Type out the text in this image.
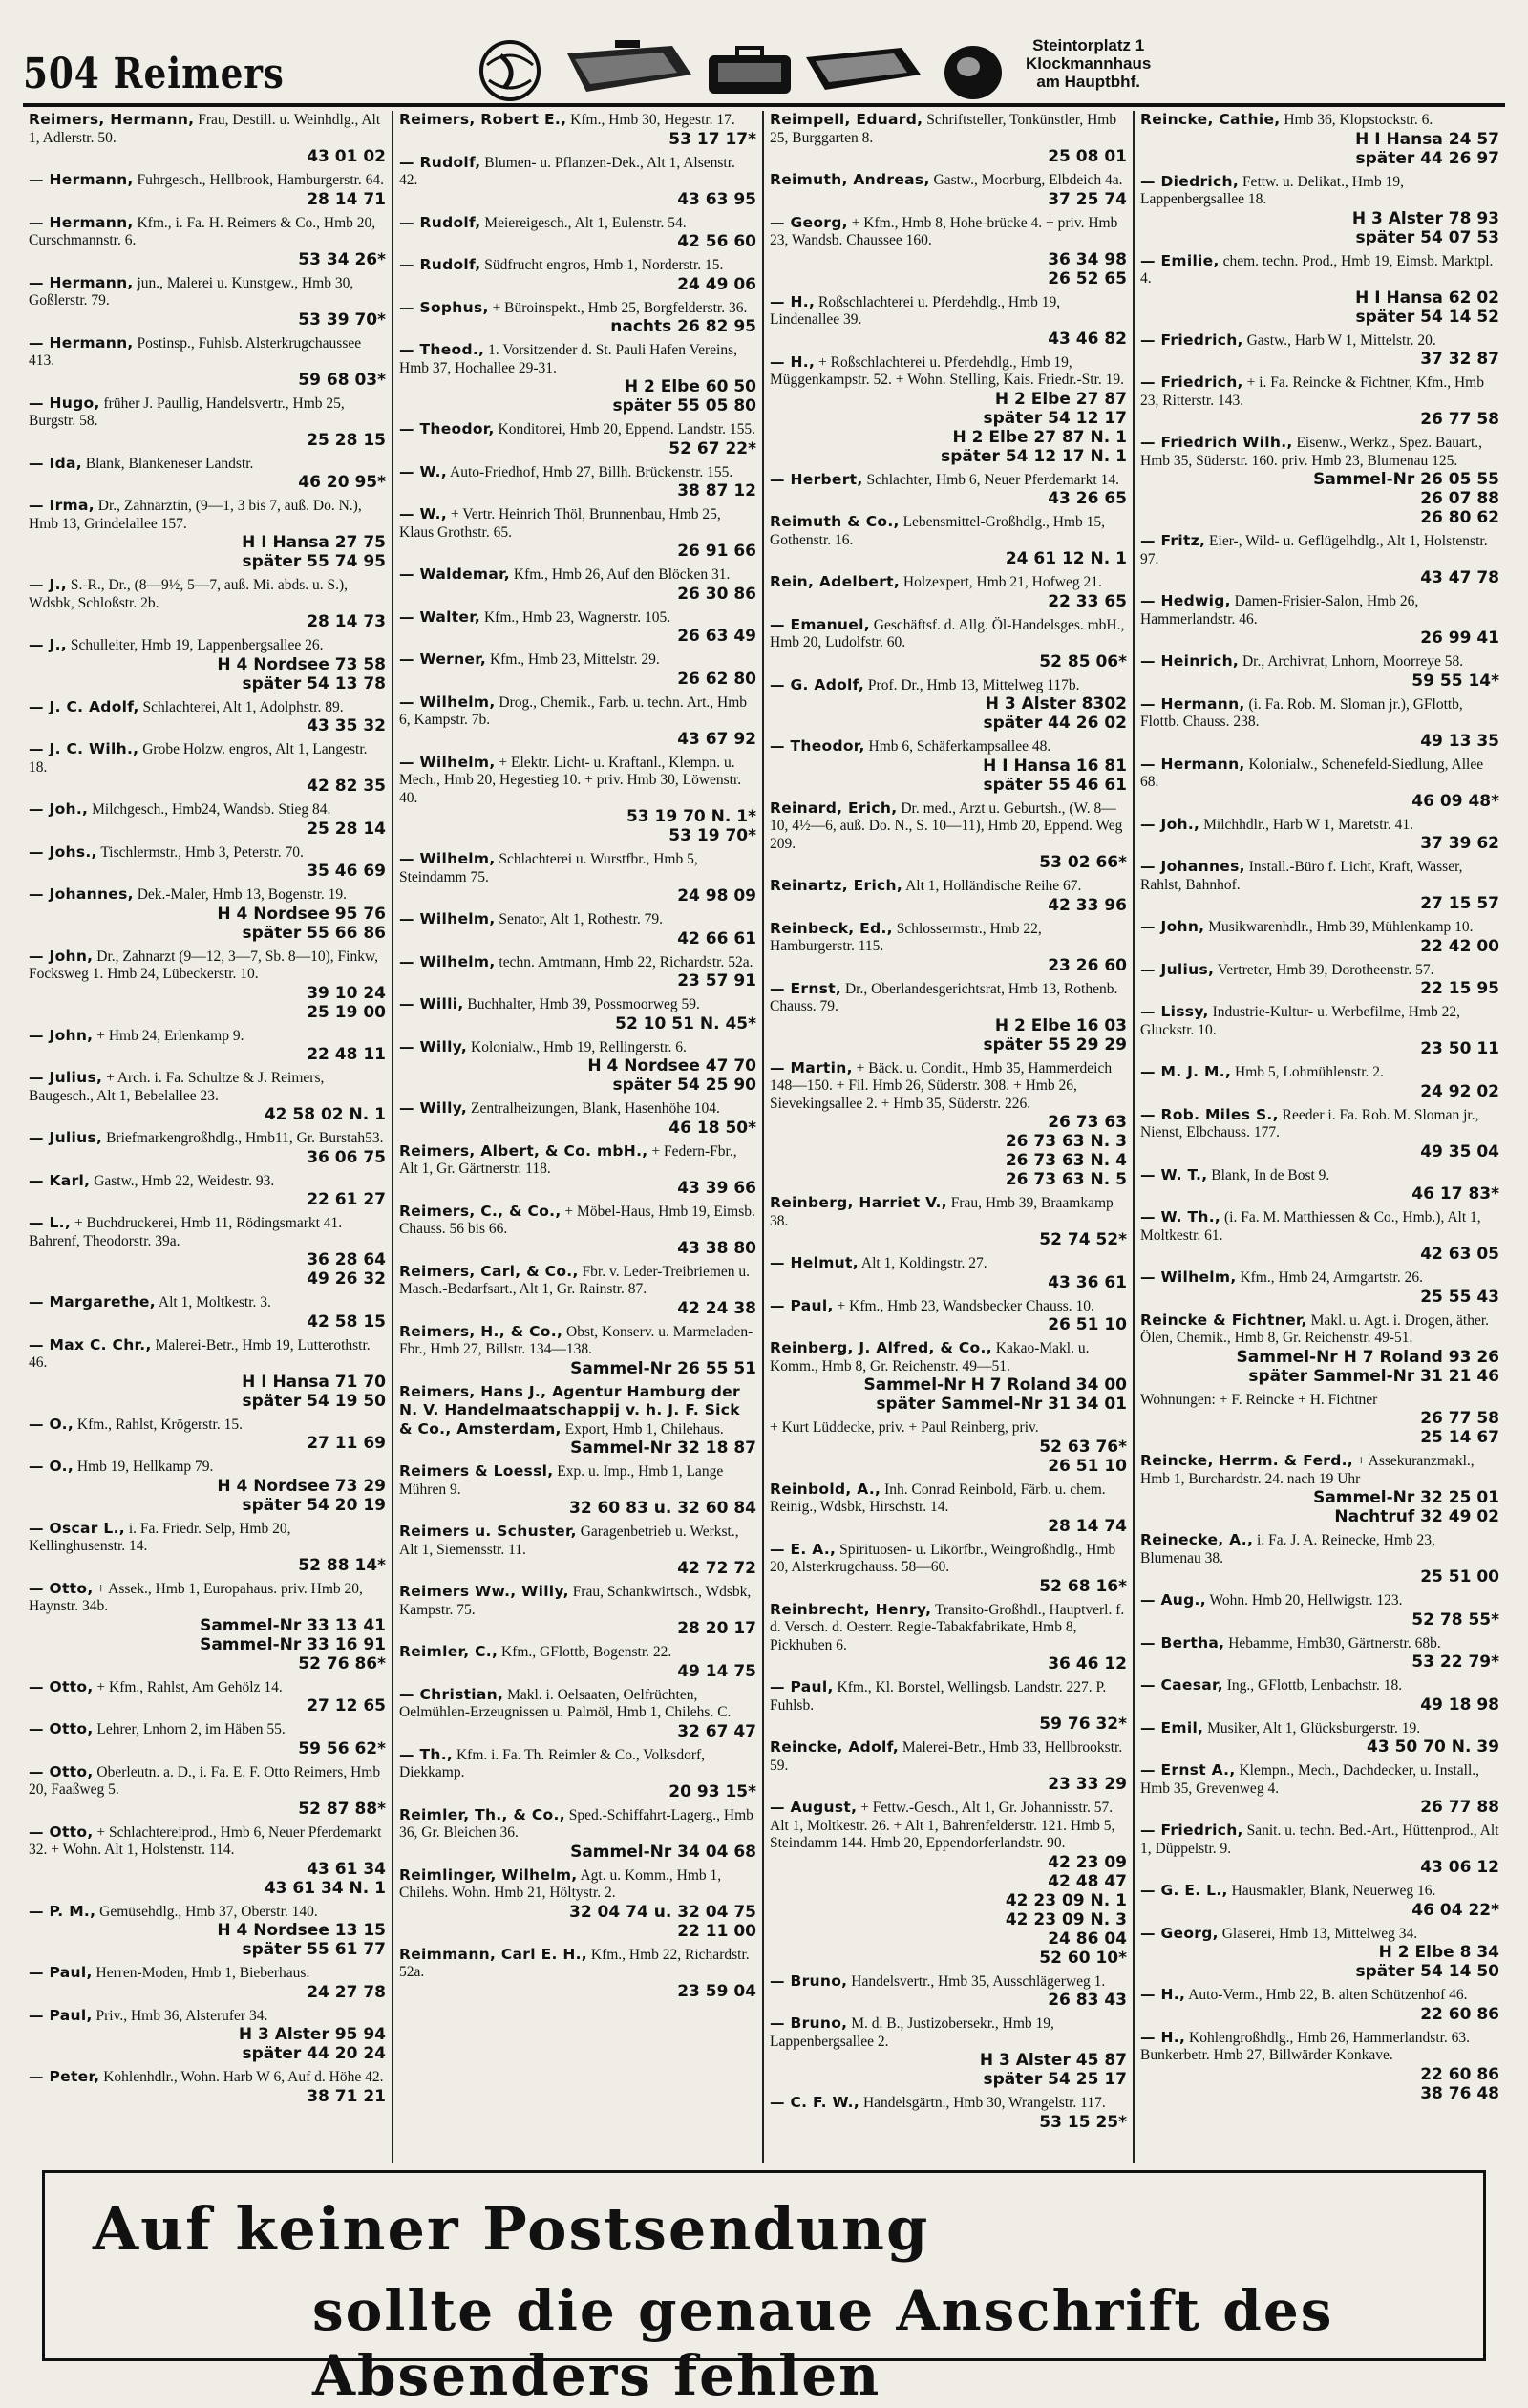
504 Reimers
Steintorplatz 1
Klockmannhaus
am Hauptbhf.
Reimers, Hermann, Frau, Destill. u. Weinhdlg., Alt 1, Adlerstr. 50.
43 01 02
— Hermann, Fuhrgesch., Hellbrook, Hamburgerstr. 64.
28 14 71
— Hermann, Kfm., i. Fa. H. Reimers & Co., Hmb 20, Curschmannstr. 6.
53 34 26*
— Hermann, jun., Malerei u. Kunstgew., Hmb 30, Goßlerstr. 79.
53 39 70*
— Hermann, Postinsp., Fuhlsb. Alsterkrugchaussee 413.
59 68 03*
— Hugo, früher J. Paullig, Handelsvertr., Hmb 25, Burgstr. 58.
25 28 15
— Ida, Blank, Blankeneser Landstr.
46 20 95*
— Irma, Dr., Zahnärztin, (9—1, 3 bis 7, auß. Do. N.), Hmb 13, Grindelallee 157.
H I Hansa 27 75
später 55 74 95
— J., S.-R., Dr., (8—9½, 5—7, auß. Mi. abds. u. S.), Wdsbk, Schloßstr. 2b.
28 14 73
— J., Schulleiter, Hmb 19, Lappenbergsallee 26.
H 4 Nordsee 73 58
später 54 13 78
— J. C. Adolf, Schlachterei, Alt 1, Adolphstr. 89.
43 35 32
— J. C. Wilh., Grobe Holzw. engros, Alt 1, Langestr. 18.
42 82 35
— Joh., Milchgesch., Hmb24, Wandsb. Stieg 84.
25 28 14
— Johs., Tischlermstr., Hmb 3, Peterstr. 70.
35 46 69
— Johannes, Dek.-Maler, Hmb 13, Bogenstr. 19.
H 4 Nordsee 95 76
später 55 66 86
— John, Dr., Zahnarzt (9—12, 3—7, Sb. 8—10), Finkw, Focksweg 1. Hmb 24, Lübeckerstr. 10.
39 10 24
25 19 00
— John, + Hmb 24, Erlenkamp 9.
22 48 11
— Julius, + Arch. i. Fa. Schultze & J. Reimers, Baugesch., Alt 1, Bebelallee 23.
42 58 02 N. 1
— Julius, Briefmarkengroßhdlg., Hmb11, Gr. Burstah53.
36 06 75
— Karl, Gastw., Hmb 22, Weidestr. 93.
22 61 27
— L., + Buchdruckerei, Hmb 11, Rödingsmarkt 41. Bahrenf, Theodorstr. 39a.
36 28 64
49 26 32
— Margarethe, Alt 1, Moltkestr. 3.
42 58 15
— Max C. Chr., Malerei-Betr., Hmb 19, Lutterothstr. 46.
H I Hansa 71 70
später 54 19 50
— O., Kfm., Rahlst, Krögerstr. 15.
27 11 69
— O., Hmb 19, Hellkamp 79.
H 4 Nordsee 73 29
später 54 20 19
— Oscar L., i. Fa. Friedr. Selp, Hmb 20, Kellinghusenstr. 14.
52 88 14*
— Otto, + Assek., Hmb 1, Europahaus. priv. Hmb 20, Haynstr. 34b.
Sammel-Nr 33 13 41
Sammel-Nr 33 16 91
52 76 86*
— Otto, + Kfm., Rahlst, Am Gehölz 14.
27 12 65
— Otto, Lehrer, Lnhorn 2, im Häben 55.
59 56 62*
— Otto, Oberleutn. a. D., i. Fa. E. F. Otto Reimers, Hmb 20, Faaßweg 5.
52 87 88*
— Otto, + Schlachtereiprod., Hmb 6, Neuer Pferdemarkt 32. + Wohn. Alt 1, Holstenstr. 114.
43 61 34
43 61 34 N. 1
— P. M., Gemüsehdlg., Hmb 37, Oberstr. 140.
H 4 Nordsee 13 15
später 55 61 77
— Paul, Herren-Moden, Hmb 1, Bieberhaus.
24 27 78
— Paul, Priv., Hmb 36, Alsterufer 34.
H 3 Alster 95 94
später 44 20 24
— Peter, Kohlenhdlr., Wohn. Harb W 6, Auf d. Höhe 42.
38 71 21
Reimers, Robert E., Kfm., Hmb 30, Hegestr. 17.
53 17 17*
— Rudolf, Blumen- u. Pflanzen-Dek., Alt 1, Alsenstr. 42.
43 63 95
— Rudolf, Meiereigesch., Alt 1, Eulenstr. 54.
42 56 60
— Rudolf, Südfrucht engros, Hmb 1, Norderstr. 15.
24 49 06
— Sophus, + Büroinspekt., Hmb 25, Borgfelderstr. 36.
nachts 26 82 95
— Theod., 1. Vorsitzender d. St. Pauli Hafen Vereins, Hmb 37, Hochallee 29-31.
H 2 Elbe 60 50
später 55 05 80
— Theodor, Konditorei, Hmb 20, Eppend. Landstr. 155.
52 67 22*
— W., Auto-Friedhof, Hmb 27, Billh. Brückenstr. 155.
38 87 12
— W., + Vertr. Heinrich Thöl, Brunnenbau, Hmb 25, Klaus Grothstr. 65.
26 91 66
— Waldemar, Kfm., Hmb 26, Auf den Blöcken 31.
26 30 86
— Walter, Kfm., Hmb 23, Wagnerstr. 105.
26 63 49
— Werner, Kfm., Hmb 23, Mittelstr. 29.
26 62 80
— Wilhelm, Drog., Chemik., Farb. u. techn. Art., Hmb 6, Kampstr. 7b.
43 67 92
— Wilhelm, + Elektr. Licht- u. Kraftanl., Klempn. u. Mech., Hmb 20, Hegestieg 10. + priv. Hmb 30, Löwenstr. 40.
53 19 70 N. 1*
53 19 70*
— Wilhelm, Schlachterei u. Wurstfbr., Hmb 5, Steindamm 75.
24 98 09
— Wilhelm, Senator, Alt 1, Rothestr. 79.
42 66 61
— Wilhelm, techn. Amtmann, Hmb 22, Richardstr. 52a.
23 57 91
— Willi, Buchhalter, Hmb 39, Possmoorweg 59.
52 10 51 N. 45*
— Willy, Kolonialw., Hmb 19, Rellingerstr. 6.
H 4 Nordsee 47 70
später 54 25 90
— Willy, Zentralheizungen, Blank, Hasenhöhe 104.
46 18 50*
Reimers, Albert, & Co. mbH., + Federn-Fbr., Alt 1, Gr. Gärtnerstr. 118.
43 39 66
Reimers, C., & Co., + Möbel-Haus, Hmb 19, Eimsb. Chauss. 56 bis 66.
43 38 80
Reimers, Carl, & Co., Fbr. v. Leder-Treibriemen u. Masch.-Bedarfsart., Alt 1, Gr. Rainstr. 87.
42 24 38
Reimers, H., & Co., Obst, Konserv. u. Marmeladen-Fbr., Hmb 27, Billstr. 134—138.
Sammel-Nr 26 55 51
Reimers, Hans J., Agentur Hamburg der N. V. Handelmaatschappij v. h. J. F. Sick & Co., Amsterdam, Export, Hmb 1, Chilehaus.
Sammel-Nr 32 18 87
Reimers & Loessl, Exp. u. Imp., Hmb 1, Lange Mühren 9.
32 60 83 u. 32 60 84
Reimers u. Schuster, Garagenbetrieb u. Werkst., Alt 1, Siemensstr. 11.
42 72 72
Reimers Ww., Willy, Frau, Schankwirtsch., Wdsbk, Kampstr. 75.
28 20 17
Reimler, C., Kfm., GFlottb, Bogenstr. 22.
49 14 75
— Christian, Makl. i. Oelsaaten, Oelfrüchten, Oelmühlen-Erzeugnissen u. Palmöl, Hmb 1, Chilehs. C.
32 67 47
— Th., Kfm. i. Fa. Th. Reimler & Co., Volksdorf, Diekkamp.
20 93 15*
Reimler, Th., & Co., Sped.-Schiffahrt-Lagerg., Hmb 36, Gr. Bleichen 36.
Sammel-Nr 34 04 68
Reimlinger, Wilhelm, Agt. u. Komm., Hmb 1, Chilehs. Wohn. Hmb 21, Höltystr. 2.
32 04 74 u. 32 04 75
22 11 00
Reimmann, Carl E. H., Kfm., Hmb 22, Richardstr. 52a.
23 59 04
Reimpell, Eduard, Schriftsteller, Tonkünstler, Hmb 25, Burggarten 8.
25 08 01
Reimuth, Andreas, Gastw., Moorburg, Elbdeich 4a.
37 25 74
— Georg, + Kfm., Hmb 8, Hohe-brücke 4. + priv. Hmb 23, Wandsb. Chaussee 160.
36 34 98
26 52 65
— H., Roßschlachterei u. Pferdehdlg., Hmb 19, Lindenallee 39.
43 46 82
— H., + Roßschlachterei u. Pferdehdlg., Hmb 19, Müggenkampstr. 52. + Wohn. Stelling, Kais. Friedr.-Str. 19.
H 2 Elbe 27 87
später 54 12 17
H 2 Elbe 27 87 N. 1
später 54 12 17 N. 1
— Herbert, Schlachter, Hmb 6, Neuer Pferdemarkt 14.
43 26 65
Reimuth & Co., Lebensmittel-Großhdlg., Hmb 15, Gothenstr. 16.
24 61 12 N. 1
Rein, Adelbert, Holzexpert, Hmb 21, Hofweg 21.
22 33 65
— Emanuel, Geschäftsf. d. Allg. Öl-Handelsges. mbH., Hmb 20, Ludolfstr. 60.
52 85 06*
— G. Adolf, Prof. Dr., Hmb 13, Mittelweg 117b.
H 3 Alster 8302
später 44 26 02
— Theodor, Hmb 6, Schäferkampsallee 48.
H I Hansa 16 81
später 55 46 61
Reinard, Erich, Dr. med., Arzt u. Geburtsh., (W. 8—10, 4½—6, auß. Do. N., S. 10—11), Hmb 20, Eppend. Weg 209.
53 02 66*
Reinartz, Erich, Alt 1, Holländische Reihe 67.
42 33 96
Reinbeck, Ed., Schlossermstr., Hmb 22, Hamburgerstr. 115.
23 26 60
— Ernst, Dr., Oberlandesgerichtsrat, Hmb 13, Rothenb. Chauss. 79.
H 2 Elbe 16 03
später 55 29 29
— Martin, + Bäck. u. Condit., Hmb 35, Hammerdeich 148—150. + Fil. Hmb 26, Süderstr. 308. + Hmb 26, Sievekingsallee 2. + Hmb 35, Süderstr. 226.
26 73 63
26 73 63 N. 3
26 73 63 N. 4
26 73 63 N. 5
Reinberg, Harriet V., Frau, Hmb 39, Braamkamp 38.
52 74 52*
— Helmut, Alt 1, Koldingstr. 27.
43 36 61
— Paul, + Kfm., Hmb 23, Wandsbecker Chauss. 10.
26 51 10
Reinberg, J. Alfred, & Co., Kakao-Makl. u. Komm., Hmb 8, Gr. Reichenstr. 49—51.
Sammel-Nr H 7 Roland 34 00
später Sammel-Nr 31 34 01
+ Kurt Lüddecke, priv. + Paul Reinberg, priv.
52 63 76*
26 51 10
Reinbold, A., Inh. Conrad Reinbold, Färb. u. chem. Reinig., Wdsbk, Hirschstr. 14.
28 14 74
— E. A., Spirituosen- u. Likörfbr., Weingroßhdlg., Hmb 20, Alsterkrugchauss. 58—60.
52 68 16*
Reinbrecht, Henry, Transito-Großhdl., Hauptverl. f. d. Versch. d. Oesterr. Regie-Tabakfabrikate, Hmb 8, Pickhuben 6.
36 46 12
— Paul, Kfm., Kl. Borstel, Wellingsb. Landstr. 227. P. Fuhlsb.
59 76 32*
Reincke, Adolf, Malerei-Betr., Hmb 33, Hellbrookstr. 59.
23 33 29
— August, + Fettw.-Gesch., Alt 1, Gr. Johannisstr. 57. Alt 1, Moltkestr. 26. + Alt 1, Bahrenfelderstr. 121. Hmb 5, Steindamm 144. Hmb 20, Eppendorferlandstr. 90.
42 23 09
42 48 47
42 23 09 N. 1
42 23 09 N. 3
24 86 04
52 60 10*
— Bruno, Handelsvertr., Hmb 35, Ausschlägerweg 1.
26 83 43
— Bruno, M. d. B., Justizobersekr., Hmb 19, Lappenbergsallee 2.
H 3 Alster 45 87
später 54 25 17
— C. F. W., Handelsgärtn., Hmb 30, Wrangelstr. 117.
53 15 25*
Reincke, Cathie, Hmb 36, Klopstockstr. 6.
H I Hansa 24 57
später 44 26 97
— Diedrich, Fettw. u. Delikat., Hmb 19, Lappenbergsallee 18.
H 3 Alster 78 93
später 54 07 53
— Emilie, chem. techn. Prod., Hmb 19, Eimsb. Marktpl. 4.
H I Hansa 62 02
später 54 14 52
— Friedrich, Gastw., Harb W 1, Mittelstr. 20.
37 32 87
— Friedrich, + i. Fa. Reincke & Fichtner, Kfm., Hmb 23, Ritterstr. 143.
26 77 58
— Friedrich Wilh., Eisenw., Werkz., Spez. Bauart., Hmb 35, Süderstr. 160. priv. Hmb 23, Blumenau 125.
Sammel-Nr 26 05 55
26 07 88
26 80 62
— Fritz, Eier-, Wild- u. Geflügelhdlg., Alt 1, Holstenstr. 97.
43 47 78
— Hedwig, Damen-Frisier-Salon, Hmb 26, Hammerlandstr. 46.
26 99 41
— Heinrich, Dr., Archivrat, Lnhorn, Moorreye 58.
59 55 14*
— Hermann, (i. Fa. Rob. M. Sloman jr.), GFlottb, Flottb. Chauss. 238.
49 13 35
— Hermann, Kolonialw., Schenefeld-Siedlung, Allee 68.
46 09 48*
— Joh., Milchhdlr., Harb W 1, Maretstr. 41.
37 39 62
— Johannes, Install.-Büro f. Licht, Kraft, Wasser, Rahlst, Bahnhof.
27 15 57
— John, Musikwarenhdlr., Hmb 39, Mühlenkamp 10.
22 42 00
— Julius, Vertreter, Hmb 39, Dorotheenstr. 57.
22 15 95
— Lissy, Industrie-Kultur- u. Werbefilme, Hmb 22, Gluckstr. 10.
23 50 11
— M. J. M., Hmb 5, Lohmühlenstr. 2.
24 92 02
— Rob. Miles S., Reeder i. Fa. Rob. M. Sloman jr., Nienst, Elbchauss. 177.
49 35 04
— W. T., Blank, In de Bost 9.
46 17 83*
— W. Th., (i. Fa. M. Matthiessen & Co., Hmb.), Alt 1, Moltkestr. 61.
42 63 05
— Wilhelm, Kfm., Hmb 24, Armgartstr. 26.
25 55 43
Reincke & Fichtner, Makl. u. Agt. i. Drogen, äther. Ölen, Chemik., Hmb 8, Gr. Reichenstr. 49-51.
Sammel-Nr H 7 Roland 93 26
später Sammel-Nr 31 21 46
Wohnungen: + F. Reincke + H. Fichtner
26 77 58
25 14 67
Reincke, Herrm. & Ferd., + Assekuranzmakl., Hmb 1, Burchardstr. 24. nach 19 Uhr
Sammel-Nr 32 25 01
Nachtruf 32 49 02
Reinecke, A., i. Fa. J. A. Reinecke, Hmb 23, Blumenau 38.
25 51 00
— Aug., Wohn. Hmb 20, Hellwigstr. 123.
52 78 55*
— Bertha, Hebamme, Hmb30, Gärtnerstr. 68b.
53 22 79*
— Caesar, Ing., GFlottb, Lenbachstr. 18.
49 18 98
— Emil, Musiker, Alt 1, Glücksburgerstr. 19.
43 50 70 N. 39
— Ernst A., Klempn., Mech., Dachdecker, u. Install., Hmb 35, Grevenweg 4.
26 77 88
— Friedrich, Sanit. u. techn. Bed.-Art., Hüttenprod., Alt 1, Düppelstr. 9.
43 06 12
— G. E. L., Hausmakler, Blank, Neuerweg 16.
46 04 22*
— Georg, Glaserei, Hmb 13, Mittelweg 34.
H 2 Elbe 8 34
später 54 14 50
— H., Auto-Verm., Hmb 22, B. alten Schützenhof 46.
22 60 86
— H., Kohlengroßhdlg., Hmb 26, Hammerlandstr. 63. Bunkerbetr. Hmb 27, Billwärder Konkave.
22 60 86
38 76 48
Auf keiner Postsendung
sollte die genaue Anschrift des Absenders fehlen
